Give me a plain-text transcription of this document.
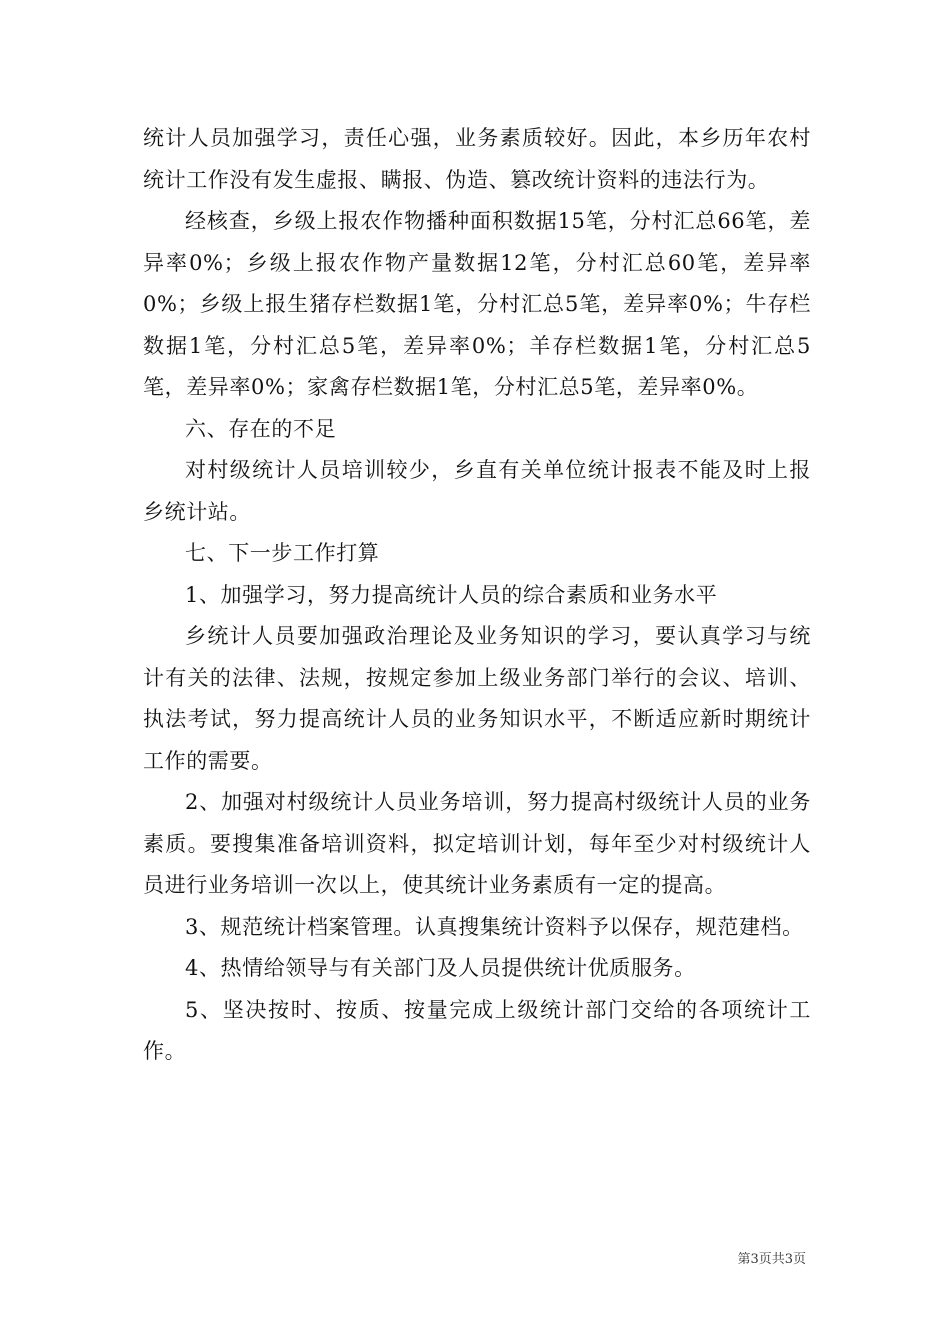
统计人员加强学习，责任心强，业务素质较好。因此，本乡历年农村统计工作没有发生虚报、瞒报、伪造、篡改统计资料的违法行为。

经核查，乡级上报农作物播种面积数据15笔，分村汇总66笔，差异率0%；乡级上报农作物产量数据12笔，分村汇总60笔，差异率0%；乡级上报生猪存栏数据1笔，分村汇总5笔，差异率0%；牛存栏数据1笔，分村汇总5笔，差异率0%；羊存栏数据1笔，分村汇总5笔，差异率0%；家禽存栏数据1笔，分村汇总5笔，差异率0%。

六、存在的不足

对村级统计人员培训较少，乡直有关单位统计报表不能及时上报乡统计站。

七、下一步工作打算

1、加强学习，努力提高统计人员的综合素质和业务水平

乡统计人员要加强政治理论及业务知识的学习，要认真学习与统计有关的法律、法规，按规定参加上级业务部门举行的会议、培训、执法考试，努力提高统计人员的业务知识水平，不断适应新时期统计工作的需要。

2、加强对村级统计人员业务培训，努力提高村级统计人员的业务素质。要搜集准备培训资料，拟定培训计划，每年至少对村级统计人员进行业务培训一次以上，使其统计业务素质有一定的提高。

3、规范统计档案管理。认真搜集统计资料予以保存，规范建档。

4、热情给领导与有关部门及人员提供统计优质服务。

5、坚决按时、按质、按量完成上级统计部门交给的各项统计工作。

第3页共3页
